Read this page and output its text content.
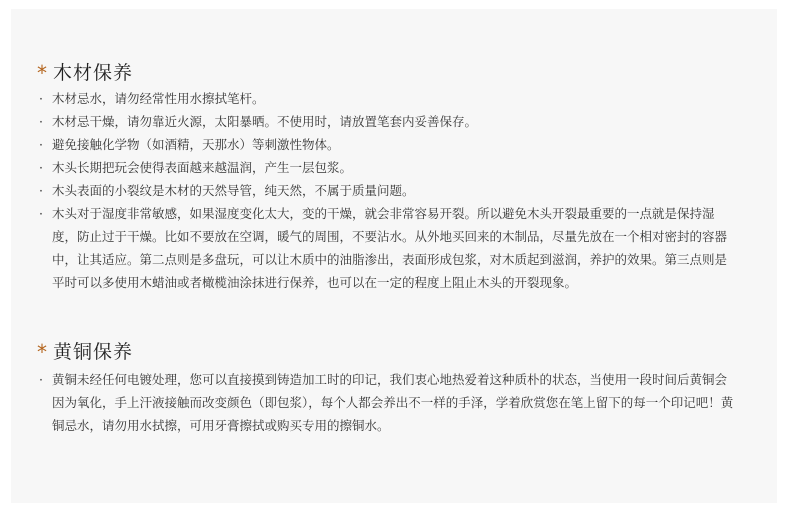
* 木材保养
· 木材忌水，请勿经常性用水擦拭笔杆。
· 木材忌干燥，请勿靠近火源，太阳暴晒。不使用时，请放置笔套内妥善保存。
· 避免接触化学物（如酒精，天那水）等刺激性物体。
· 木头长期把玩会使得表面越来越温润，产生一层包浆。
· 木头表面的小裂纹是木材的天然导管，纯天然，不属于质量问题。
· 木头对于湿度非常敏感，如果湿度变化太大，变的干燥，就会非常容易开裂。所以避免木头开裂最重要的一点就是保持湿度，防止过于干燥。比如不要放在空调，暖气的周围，不要沾水。从外地买回来的木制品，尽量先放在一个相对密封的容器中，让其适应。第二点则是多盘玩，可以让木质中的油脂渗出，表面形成包浆，对木质起到滋润，养护的效果。第三点则是平时可以多使用木蜡油或者橄榄油涂抹进行保养，也可以在一定的程度上阻止木头的开裂现象。
* 黄铜保养
· 黄铜未经任何电镀处理，您可以直接摸到铸造加工时的印记，我们衷心地热爱着这种质朴的状态，当使用一段时间后黄铜会因为氧化，手上汗液接触而改变颜色（即包浆），每个人都会养出不一样的手泽，学着欣赏您在笔上留下的每一个印记吧！黄铜忌水，请勿用水拭擦，可用牙膏擦拭或购买专用的擦铜水。
